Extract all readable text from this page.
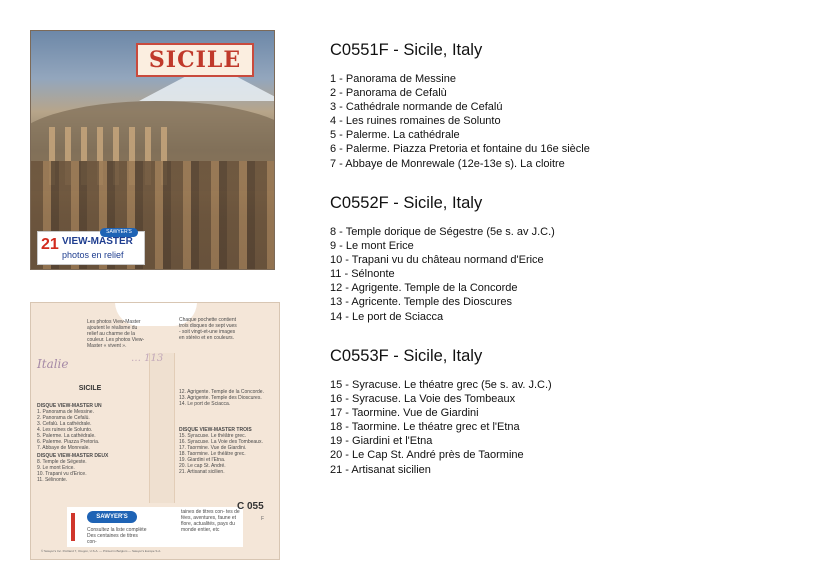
SICILE
SAWYER'S
21 VIEW-MASTER
photos en relief
Les photos View-Master ajoutent le réalisme du relief au charme de la couleur. Les photos View-Master « vivent ».
Chaque pochette contient trois disques de sept vues - soit vingt-et-une images en stéréo et en couleurs.
Italie	… 113
SICILE
DISQUE VIEW-MASTER UN
1. Panorama de Messine.
2. Panorama de Cefalù.
3. Cefalù. La cathédrale.
4. Les ruines de Solunto.
5. Palerme. La cathédrale.
6. Palerme. Piazza Pretoria.
7. Abbaye de Monreale.
DISQUE VIEW-MASTER DEUX
8. Temple de Ségeste.
9. Le mont Erice.
10. Trapani vu d'Erice.
11. Sélinonte.
12. Agrigente. Temple de la Concorde.
13. Agrigente. Temple des Dioscures.
14. Le port de Sciacca.
DISQUE VIEW-MASTER TROIS
15. Syracuse. Le théâtre grec.
16. Syracuse. La Voie des Tombeaux.
17. Taormine. Vue de Giardini.
18. Taormine. Le théâtre grec.
19. Giardini et l'Etna.
20. Le cap St. André.
21. Artisanat sicilien.
SAWYER'S
Consultez la liste complète Des centaines de titres con-
taines de titres con- tes de fées, aventures, faune et flore, actualités, pays du monde entier, etc
C 055
F
© Sawyer's Inc. Portland 7, Oregon, U.S.A. — Printed in Belgium — Sawyer's Europe S.A.
C0551F - Sicile, Italy
1 - Panorama de Messine
2 - Panorama de Cefalù
3 - Cathédrale normande de Cefalú
4 - Les ruines romaines de Solunto
5 - Palerme. La cathédrale
6 - Palerme. Piazza Pretoria et fontaine du 16e siècle
7 - Abbaye de Monrewale (12e-13e s). La cloitre
C0552F - Sicile, Italy
8 - Temple dorique de Ségestre (5e s. av J.C.)
9 - Le mont Erice
10 - Trapani vu du château normand d'Erice
11 - Sélnonte
12 - Agrigente. Temple de la Concorde
13 - Agricente. Temple des Dioscures
14 - Le port de Sciacca
C0553F - Sicile, Italy
15 - Syracuse. Le théatre grec (5e s. av. J.C.)
16 - Syracuse. La Voie des Tombeaux
17 - Taormine. Vue de Giardini
18 - Taormine. Le théatre grec et l'Etna
19 - Giardini et l'Etna
20 - Le Cap St. André près de Taormine
21 - Artisanat sicilien
